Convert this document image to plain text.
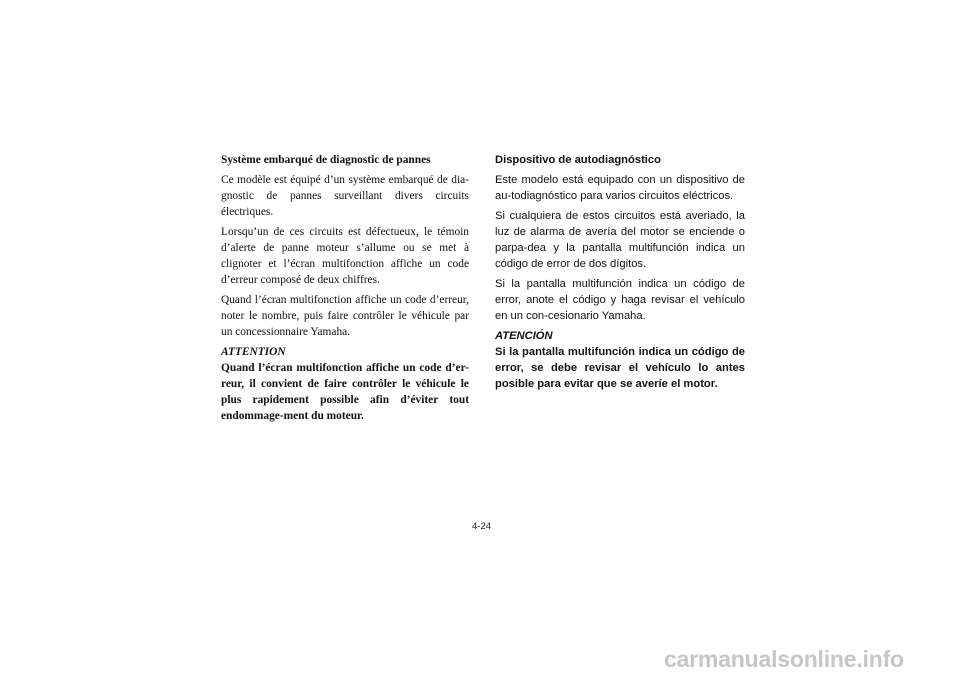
Système embarqué de diagnostic de pannes

Ce modèle est équipé d’un système embarqué de dia-gnostic de pannes surveillant divers circuits électriques.

Lorsqu’un de ces circuits est défectueux, le témoin d’alerte de panne moteur s’allume ou se met à clignoter et l’écran multifonction affiche un code d’erreur composé de deux chiffres.

Quand l’écran multifonction affiche un code d’erreur, noter le nombre, puis faire contrôler le véhicule par un concessionnaire Yamaha.

ATTENTION
Quand l’écran multifonction affiche un code d’er-reur, il convient de faire contrôler le véhicule le plus rapidement possible afin d’éviter tout endommage-ment du moteur.
Dispositivo de autodiagnóstico

Este modelo está equipado con un dispositivo de au-todiagnóstico para varios circuitos eléctricos.

Si cualquiera de estos circuitos está averiado, la luz de alarma de avería del motor se enciende o parpa-dea y la pantalla multifunción indica un código de error de dos dígitos.

Si la pantalla multifunción indica un código de error, anote el código y haga revisar el vehículo en un con-cesionario Yamaha.

ATENCIÓN
Si la pantalla multifunción indica un código de error, se debe revisar el vehículo lo antes posible para evitar que se averíe el motor.
4-24
carmanualsonline.info
